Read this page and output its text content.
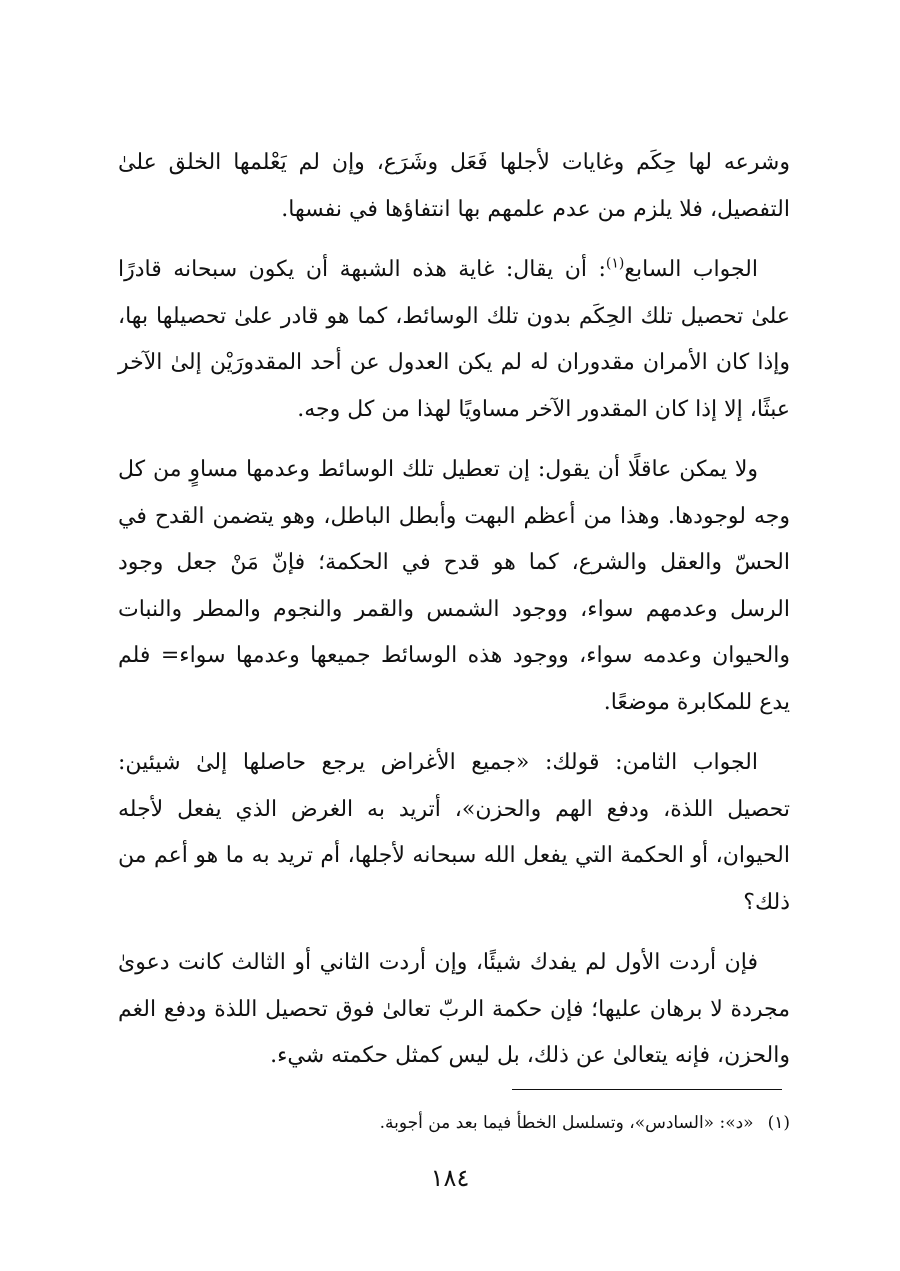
وشرعه لها حِكَم وغايات لأجلها فَعَل وشَرَع، وإن لم يَعْلمها الخلق علىٰ التفصيل، فلا يلزم من عدم علمهم بها انتفاؤها في نفسها.

الجواب السابع$^{(١)}$: أن يقال: غاية هذه الشبهة أن يكون سبحانه قادرًا علىٰ تحصيل تلك الحِكَم بدون تلك الوسائط، كما هو قادر علىٰ تحصيلها بها، وإذا كان الأمران مقدوران له لم يكن العدول عن أحد المقدورَيْن إلىٰ الآخر عبثًا، إلا إذا كان المقدور الآخر مساويًا لهذا من كل وجه.

ولا يمكن عاقلًا أن يقول: إن تعطيل تلك الوسائط وعدمها مساوٍ من كل وجه لوجودها. وهذا من أعظم البهت وأبطل الباطل، وهو يتضمن القدح في الحسّ والعقل والشرع، كما هو قدح في الحكمة؛ فإنّ مَنْ جعل وجود الرسل وعدمهم سواء، ووجود الشمس والقمر والنجوم والمطر والنبات والحيوان وعدمه سواء، ووجود هذه الوسائط جميعها وعدمها سواء= فلم يدع للمكابرة موضعًا.

الجواب الثامن: قولك: «جميع الأغراض يرجع حاصلها إلىٰ شيئين: تحصيل اللذة، ودفع الهم والحزن»، أتريد به الغرض الذي يفعل لأجله الحيوان، أو الحكمة التي يفعل الله سبحانه لأجلها، أم تريد به ما هو أعم من ذلك؟

فإن أردت الأول لم يفدك شيئًا، وإن أردت الثاني أو الثالث كانت دعوىٰ مجردة لا برهان عليها؛ فإن حكمة الربّ تعالىٰ فوق تحصيل اللذة ودفع الغم والحزن، فإنه يتعالىٰ عن ذلك، بل ليس كمثل حكمته شيء.

(١)«د»: «السادس»، وتسلسل الخطأ فيما بعد من أجوبة.
١٨٤
